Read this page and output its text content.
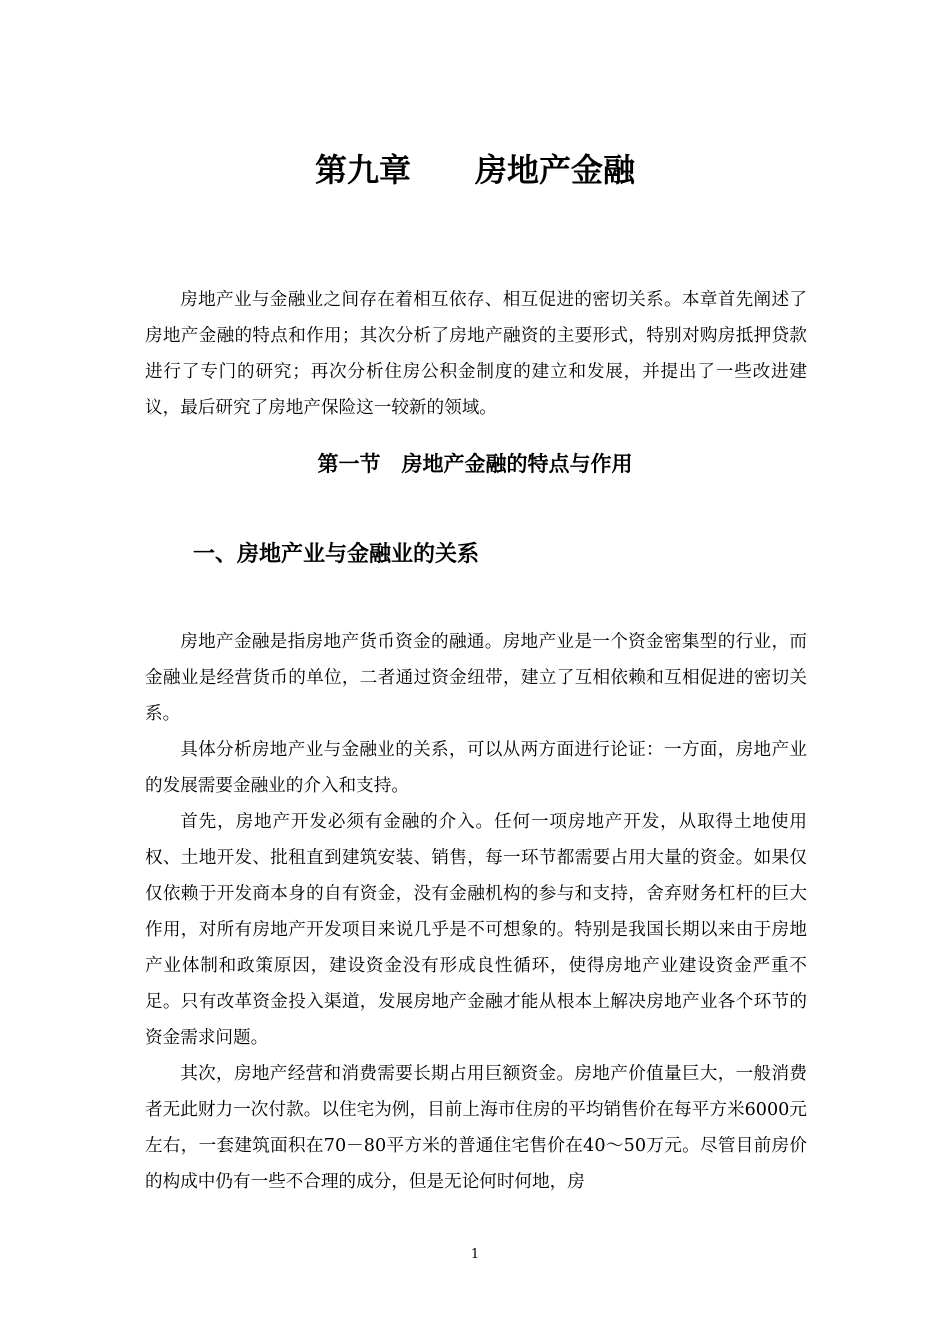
第九章　　房地产金融

房地产业与金融业之间存在着相互依存、相互促进的密切关系。本章首先阐述了房地产金融的特点和作用；其次分析了房地产融资的主要形式，特别对购房抵押贷款进行了专门的研究；再次分析住房公积金制度的建立和发展，并提出了一些改进建议，最后研究了房地产保险这一较新的领域。

第一节　房地产金融的特点与作用
一、房地产业与金融业的关系

房地产金融是指房地产货币资金的融通。房地产业是一个资金密集型的行业，而金融业是经营货币的单位，二者通过资金纽带，建立了互相依赖和互相促进的密切关系。

具体分析房地产业与金融业的关系，可以从两方面进行论证：一方面，房地产业的发展需要金融业的介入和支持。

首先，房地产开发必须有金融的介入。任何一项房地产开发，从取得土地使用权、土地开发、批租直到建筑安装、销售，每一环节都需要占用大量的资金。如果仅仅依赖于开发商本身的自有资金，没有金融机构的参与和支持，舍弃财务杠杆的巨大作用，对所有房地产开发项目来说几乎是不可想象的。特别是我国长期以来由于房地产业体制和政策原因，建设资金没有形成良性循环，使得房地产业建设资金严重不足。只有改革资金投入渠道，发展房地产金融才能从根本上解决房地产业各个环节的资金需求问题。

其次，房地产经营和消费需要长期占用巨额资金。房地产价值量巨大，一般消费者无此财力一次付款。以住宅为例，目前上海市住房的平均销售价在每平方米6000元左右，一套建筑面积在70－80平方米的普通住宅售价在40～50万元。尽管目前房价的构成中仍有一些不合理的成分，但是无论何时何地，房

1
